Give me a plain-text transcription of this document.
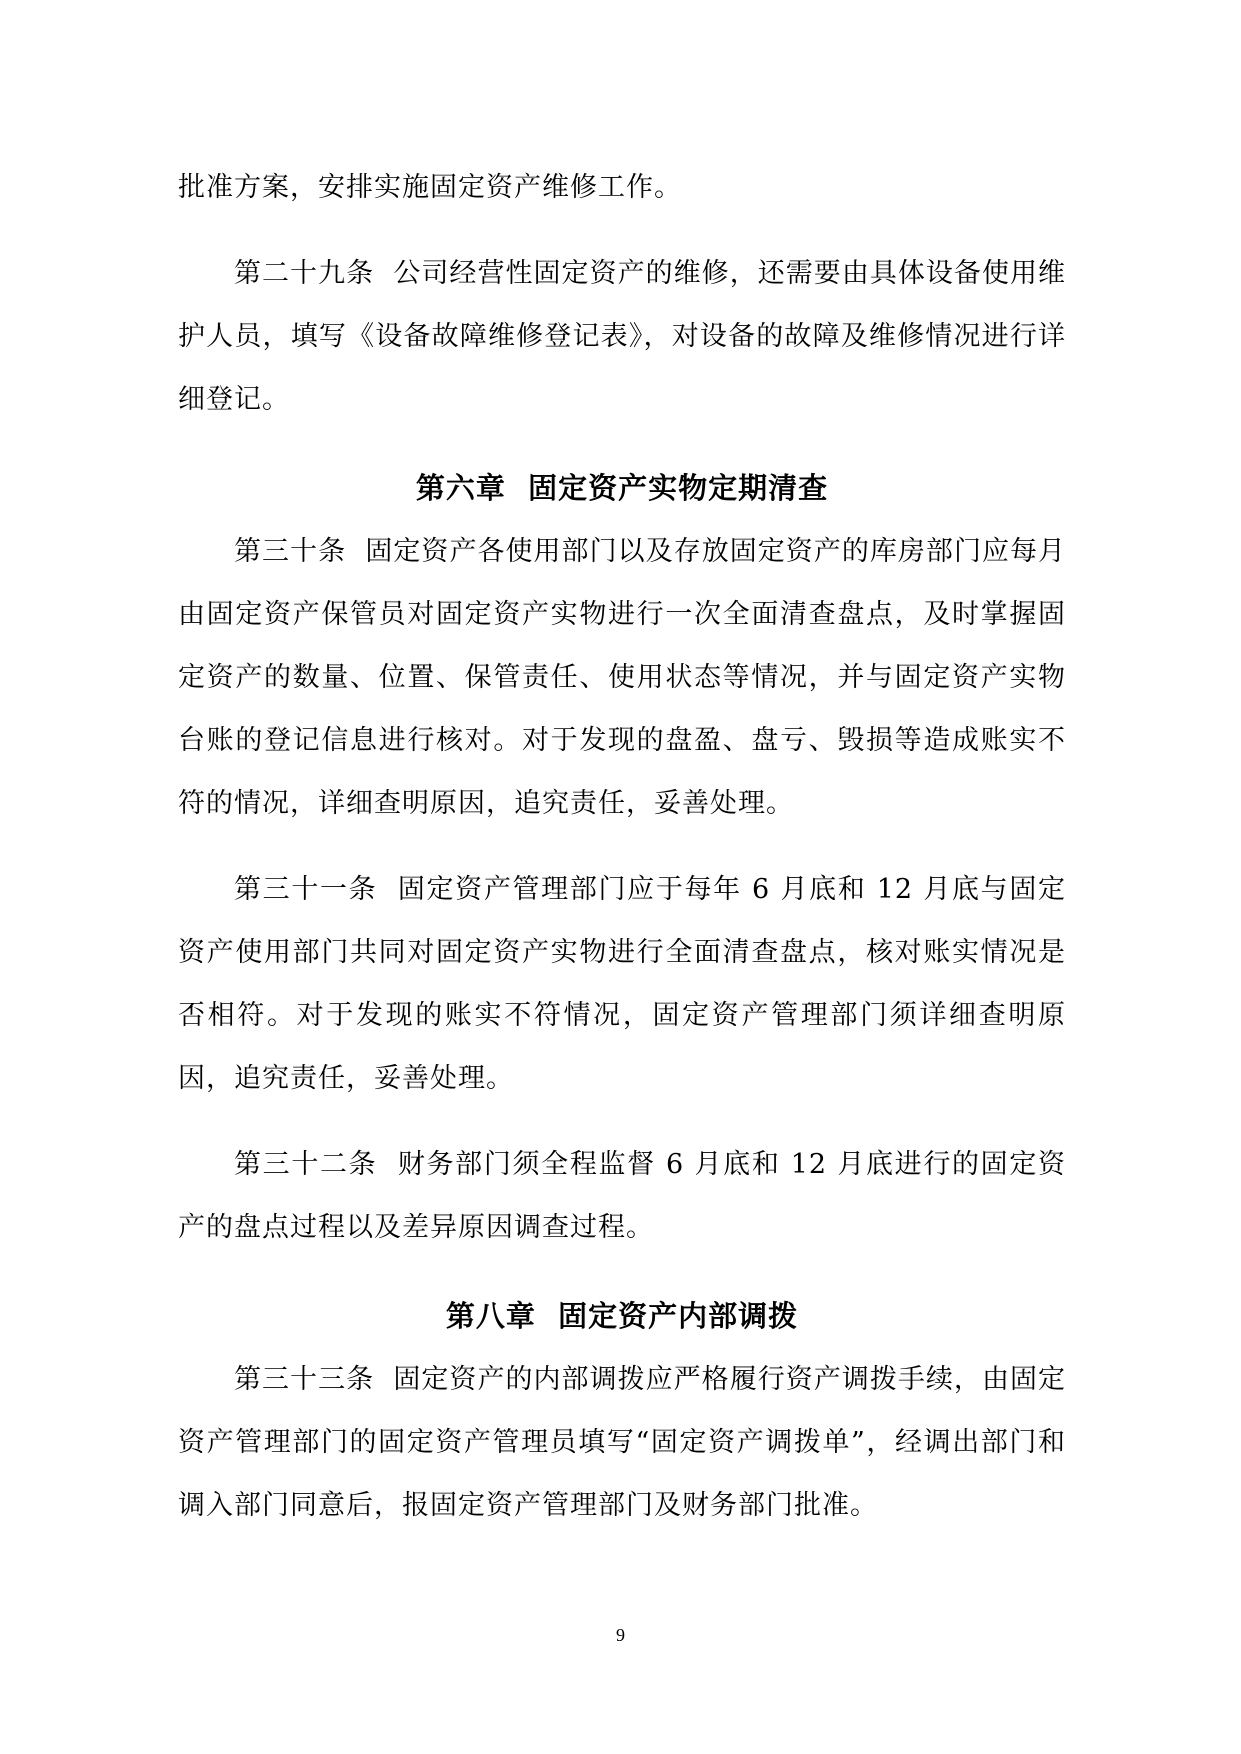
批准方案，安排实施固定资产维修工作。

第二十九条 公司经营性固定资产的维修，还需要由具体设备使用维护人员，填写《设备故障维修登记表》，对设备的故障及维修情况进行详细登记。

第六章 固定资产实物定期清查

第三十条 固定资产各使用部门以及存放固定资产的库房部门应每月由固定资产保管员对固定资产实物进行一次全面清查盘点，及时掌握固定资产的数量、位置、保管责任、使用状态等情况，并与固定资产实物台账的登记信息进行核对。对于发现的盘盈、盘亏、毁损等造成账实不符的情况，详细查明原因，追究责任，妥善处理。

第三十一条 固定资产管理部门应于每年 6 月底和 12 月底与固定资产使用部门共同对固定资产实物进行全面清查盘点，核对账实情况是否相符。对于发现的账实不符情况，固定资产管理部门须详细查明原因，追究责任，妥善处理。

第三十二条 财务部门须全程监督 6 月底和 12 月底进行的固定资产的盘点过程以及差异原因调查过程。

第八章 固定资产内部调拨

第三十三条 固定资产的内部调拨应严格履行资产调拨手续，由固定资产管理部门的固定资产管理员填写“固定资产调拨单”，经调出部门和调入部门同意后，报固定资产管理部门及财务部门批准。

9
